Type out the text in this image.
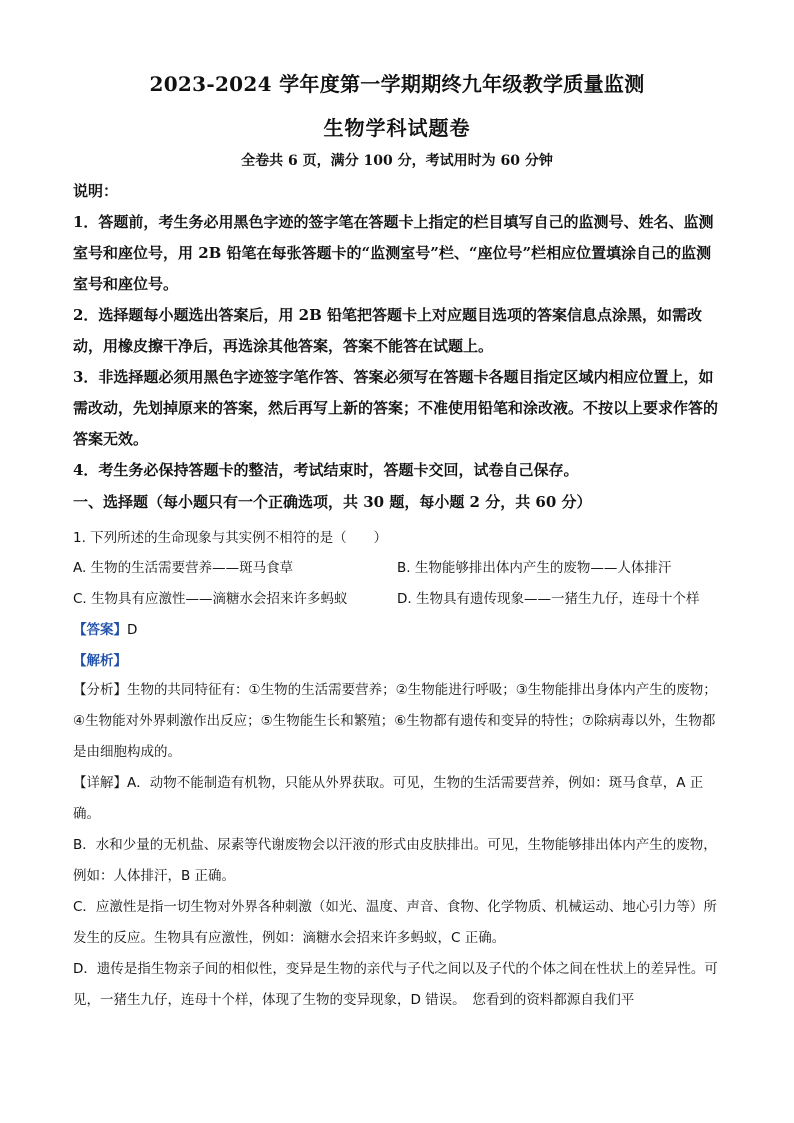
2023-2024 学年度第一学期期终九年级教学质量监测
生物学科试题卷
全卷共 6 页，满分 100 分，考试用时为 60 分钟

说明：

1．答题前，考生务必用黑色字迹的签字笔在答题卡上指定的栏目填写自己的监测号、姓名、监测室号和座位号，用 2B 铅笔在每张答题卡的“监测室号”栏、“座位号”栏相应位置填涂自己的监测室号和座位号。

2．选择题每小题选出答案后，用 2B 铅笔把答题卡上对应题目选项的答案信息点涂黑，如需改动，用橡皮擦干净后，再选涂其他答案，答案不能答在试题上。

3．非选择题必须用黑色字迹签字笔作答、答案必须写在答题卡各题目指定区域内相应位置上，如需改动，先划掉原来的答案，然后再写上新的答案；不准使用铅笔和涂改液。不按以上要求作答的答案无效。

4．考生务必保持答题卡的整洁，考试结束时，答题卡交回，试卷自己保存。

一、选择题（每小题只有一个正确选项，共 30 题，每小题 2 分，共 60 分）
1. 下列所述的生命现象与其实例不相符的是（　　）
A. 生物的生活需要营养——斑马食草	B. 生物能够排出体内产生的废物——人体排汗
C. 生物具有应激性——滴糖水会招来许多蚂蚁	D. 生物具有遗传现象——一猪生九仔，连母十个样
【答案】D
【解析】

【分析】生物的共同特征有：①生物的生活需要营养；②生物能进行呼吸；③生物能排出身体内产生的废物；④生物能对外界刺激作出反应；⑤生物能生长和繁殖；⑥生物都有遗传和变异的特性；⑦除病毒以外，生物都是由细胞构成的。

【详解】A．动物不能制造有机物，只能从外界获取。可见，生物的生活需要营养，例如：斑马食草，A 正确。

B．水和少量的无机盐、尿素等代谢废物会以汗液的形式由皮肤排出。可见，生物能够排出体内产生的废物，例如：人体排汗，B 正确。

C．应激性是指一切生物对外界各种刺激（如光、温度、声音、食物、化学物质、机械运动、地心引力等）所发生的反应。生物具有应激性，例如：滴糖水会招来许多蚂蚁，C 正确。

D．遗传是指生物亲子间的相似性，变异是生物的亲代与子代之间以及子代的个体之间在性状上的差异性。可见，一猪生九仔，连母十个样，体现了生物的变异现象，D 错误。　您看到的资料都源自我们平
